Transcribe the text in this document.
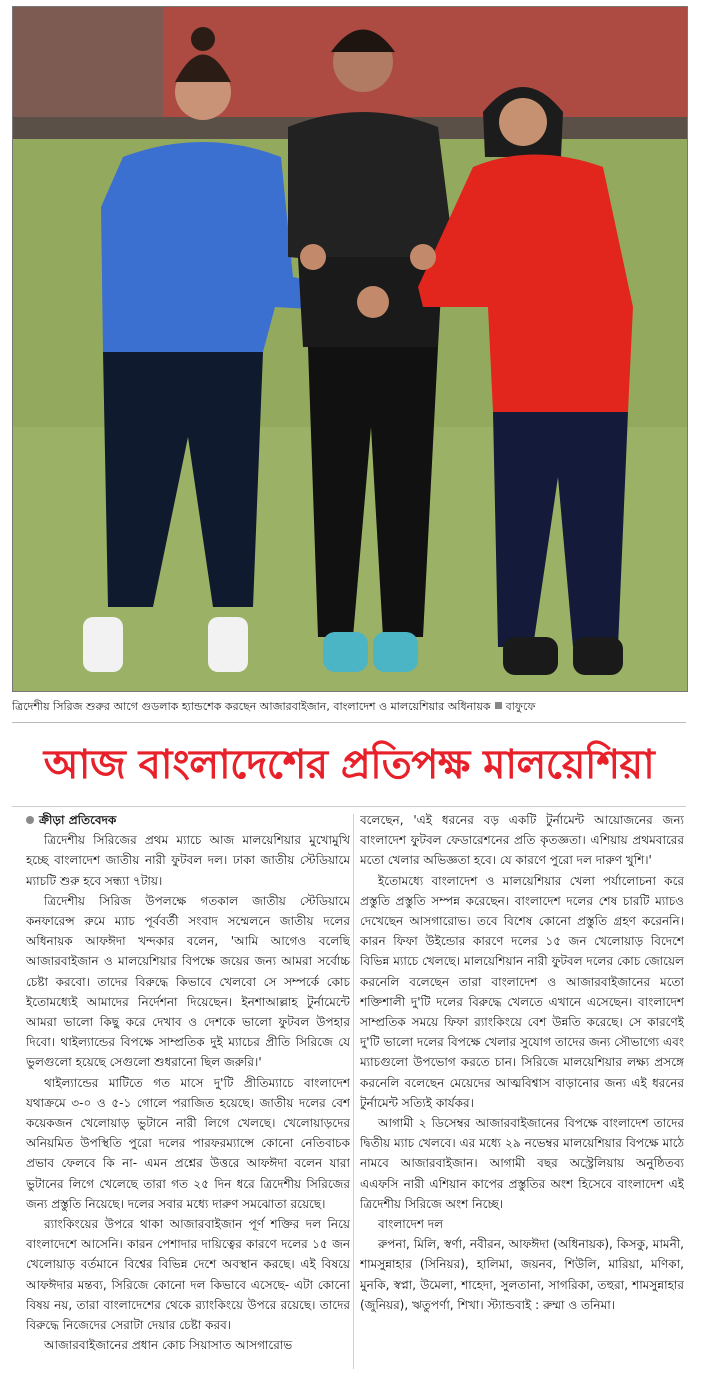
ত্রিদেশীয় সিরিজ শুরুর আগে গুডলাক হ্যান্ডশেক করছেন আজারবাইজান, বাংলাদেশ ও মালয়েশিয়ার অধিনায়ক বাফুফে
আজ বাংলাদেশের প্রতিপক্ষ মালয়েশিয়া

ক্রীড়া প্রতিবেদক

ত্রিদেশীয় সিরিজের প্রথম ম্যাচে আজ মালয়েশিয়ার মুখোমুখি হচ্ছে বাংলাদেশ জাতীয় নারী ফুটবল দল। ঢাকা জাতীয় স্টেডিয়ামে ম্যাচটি শুরু হবে সন্ধ্যা ৭টায়।

ত্রিদেশীয় সিরিজ উপলক্ষে গতকাল জাতীয় স্টেডিয়ামে কনফারেন্স রুমে ম্যাচ পূর্ববর্তী সংবাদ সম্মেলনে জাতীয় দলের অধিনায়ক আফঈদা খন্দকার বলেন, 'আমি আগেও বলেছি আজারবাইজান ও মালয়েশিয়ার বিপক্ষে জয়ের জন্য আমরা সর্বোচ্চ চেষ্টা করবো। তাদের বিরুদ্ধে কিভাবে খেলবো সে সম্পর্কে কোচ ইতোমধ্যেই আমাদের নির্দেশনা দিয়েছেন। ইনশাআল্লাহ টুর্নামেন্টে আমরা ভালো কিছু করে দেখাব ও দেশকে ভালো ফুটবল উপহার দিবো। থাইল্যান্ডের বিপক্ষে সাম্প্রতিক দুই ম্যাচের প্রীতি সিরিজে যে ভুলগুলো হয়েছে সেগুলো শুধরানো ছিল জরুরি।'

থাইল্যান্ডের মাটিতে গত মাসে দু'টি প্রীতিম্যাচে বাংলাদেশ যথাক্রমে ৩-০ ও ৫-১ গোলে পরাজিত হয়েছে। জাতীয় দলের বেশ কয়েকজন খেলোয়াড় ভুটানে নারী লিগে খেলছে। খেলোয়াড়দের অনিয়মিত উপস্থিতি পুরো দলের পারফরম্যান্সে কোনো নেতিবাচক প্রভাব ফেলবে কি না- এমন প্রশ্নের উত্তরে আফঈদা বলেন যারা ভুটানের লিগে খেলেছে তারা গত ২৫ দিন ধরে ত্রিদেশীয় সিরিজের জন্য প্রস্তুতি নিয়েছে। দলের সবার মধ্যে দারুণ সমঝোতা রয়েছে।

র‍্যাংকিংয়ের উপরে থাকা আজারবাইজান পূর্ণ শক্তির দল নিয়ে বাংলাদেশে আসেনি। কারন পেশাদার দায়িত্বের কারণে দলের ১৫ জন খেলোয়াড় বর্তমানে বিশ্বের বিভিন্ন দেশে অবস্থান করছে। এই বিষয়ে আফঈদার মন্তব্য, সিরিজে কোনো দল কিভাবে এসেছে- এটা কোনো বিষয় নয়, তারা বাংলাদেশের থেকে র‍্যাংকিংয়ে উপরে রয়েছে। তাদের বিরুদ্ধে নিজেদের সেরাটা দেয়ার চেষ্টা করব।

আজারবাইজানের প্রধান কোচ সিয়াসাত আসগারোভ

বলেছেন, 'এই ধরনের বড় একটি টুর্নামেন্ট আয়োজনের জন্য বাংলাদেশ ফুটবল ফেডারেশনের প্রতি কৃতজ্ঞতা। এশিয়ায় প্রথমবারের মতো খেলার অভিজ্ঞতা হবে। যে কারণে পুরো দল দারুণ খুশি।'

ইতোমধ্যে বাংলাদেশ ও মালয়েশিয়ার খেলা পর্যালোচনা করে প্রস্তুতি প্রস্তুতি সম্পন্ন করেছেন। বাংলাদেশ দলের শেষ চারটি ম্যাচও দেখেছেন আসগারোভ। তবে বিশেষ কোনো প্রস্তুতি গ্রহণ করেননি। কারন ফিফা উইন্ডোর কারণে দলের ১৫ জন খেলোয়াড় বিদেশে বিভিন্ন ম্যাচে খেলছে। মালয়েশিয়ান নারী ফুটবল দলের কোচ জোয়েল করনেলি বলেছেন তারা বাংলাদেশ ও আজারবাইজানের মতো শক্তিশালী দু'টি দলের বিরুদ্ধে খেলতে এখানে এসেছেন। বাংলাদেশ সাম্প্রতিক সময়ে ফিফা র‍্যাংকিংয়ে বেশ উন্নতি করেছে। সে কারণেই দু'টি ভালো দলের বিপক্ষে খেলার সুযোগ তাদের জন্য সৌভাগ্যে এবং ম্যাচগুলো উপভোগ করতে চান। সিরিজে মালয়েশিয়ার লক্ষ্য প্রসঙ্গে করনেলি বলেছেন মেয়েদের আত্মবিশ্বাস বাড়ানোর জন্য এই ধরনের টুর্নামেন্ট সত্যিই কার্যকর।

আগামী ২ ডিসেম্বর আজারবাইজানের বিপক্ষে বাংলাদেশ তাদের দ্বিতীয় ম্যাচ খেলবে। এর মধ্যে ২৯ নভেম্বর মালয়েশিয়ার বিপক্ষে মাঠে নামবে আজারবাইজান। আগামী বছর অস্ট্রেলিয়ায় অনুষ্ঠিতব্য এএফসি নারী এশিয়ান কাপের প্রস্তুতির অংশ হিসেবে বাংলাদেশ এই ত্রিদেশীয় সিরিজে অংশ নিচ্ছে।

বাংলাদেশ দল

রুপনা, মিলি, স্বর্ণা, নবীরন, আফঈদা (অধিনায়ক), কিসকু, মামনী, শামসুন্নাহার (সিনিয়র), হালিমা, জয়নব, শিউলি, মারিয়া, মণিকা, মুনকি, স্বপ্না, উমেলা, শাহেদা, সুলতানা, সাগরিকা, তহুরা, শামসুন্নাহার (জুনিয়র), ঋতুপর্ণা, শিখা। স্ট্যান্ডবাই : রুম্মা ও তনিমা।
